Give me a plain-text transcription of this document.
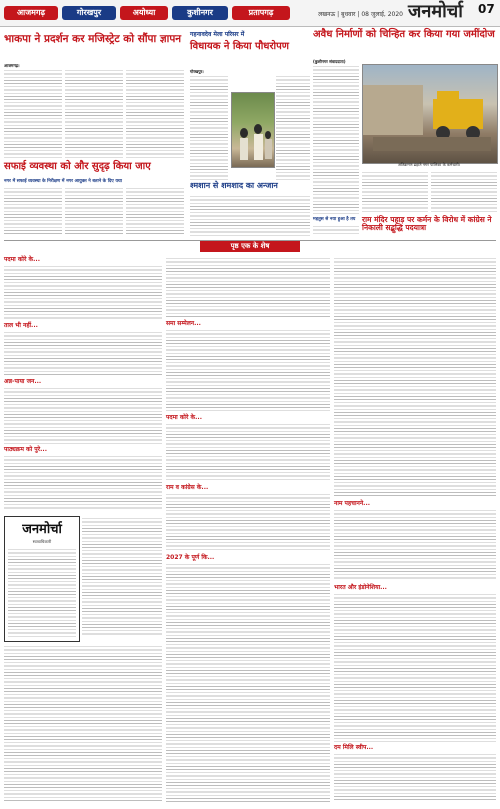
आजमगढ़	गोरखपुर	अयोध्या	कुशीनगर	प्रतापगढ़	लखनऊ | बुधवार | 08 जुलाई, 2020 जनमोर्चा	07
भाकपा ने प्रदर्शन कर मजिस्ट्रेट को सौंपा ज्ञापन
आजमगढ़।
गहनावदेव मेला परिसर में
विधायक ने किया पौधरोपण
गोरखपुर।
अवैध निर्माणों को चिन्हित कर किया गया जमींदोज
(कुशीनगर संवाददाता)
अतिक्रमण ढहाते नगर पालिका के कर्मचारी।
सफाई व्यवस्था को और सुदृढ़ किया जाए
नगर में सफाई व्यवस्था के निरीक्षण में नगर आयुक्त ने बताने के दिए यथा	श्मशान से शमशाद का अन्जान
महतुस से नया हुआ है तय राम मंदिर पहाड़ पर कर्मन के विरोध में कांग्रेस ने निकाली सद्बुद्धि पदयात्रा
पृष्ठ एक के शेष
पदमा कोरे के...
ताल भी नहीं...
अन्न-पाया जन...
पाठ्यक्रम को पुरे...
जनमोर्चा
स्वत्वाधिकारी
समा सम्मेलन...
पदमा कोरे के...
राम व कांग्रेस के...
2027 के पूर्ण कि...
नाम पहचानने...
भारत और इंडोनेशिया...
दम मिलि स्वीप...
